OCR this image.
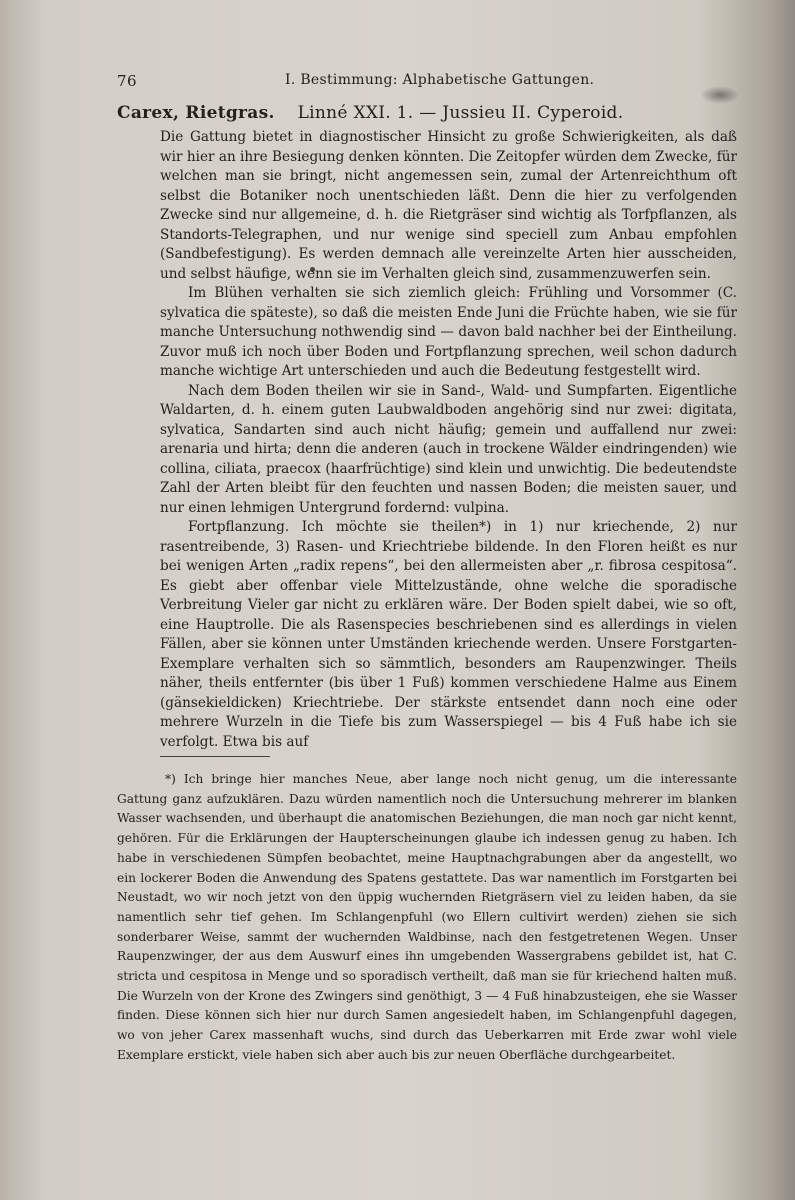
76	I. Bestimmung: Alphabetische Gattungen.
Carex, Rietgras. Linné XXI. 1. — Jussieu II. Cyperoid.

Die Gattung bietet in diagnostischer Hinsicht zu große Schwierigkeiten, als daß wir hier an ihre Besiegung denken könnten. Die Zeitopfer würden dem Zwecke, für welchen man sie bringt, nicht angemessen sein, zumal der Artenreichthum oft selbst die Botaniker noch unentschieden läßt. Denn die hier zu verfolgenden Zwecke sind nur allgemeine, d. h. die Rietgräser sind wichtig als Torfpflanzen, als Standorts-Telegraphen, und nur wenige sind speciell zum Anbau empfohlen (Sandbefestigung). Es werden demnach alle vereinzelte Arten hier ausscheiden, und selbst häufige, wenn sie im Verhalten gleich sind, zusammenzuwerfen sein.

Im Blühen verhalten sie sich ziemlich gleich: Frühling und Vorsommer (C. sylvatica die späteste), so daß die meisten Ende Juni die Früchte haben, wie sie für manche Untersuchung nothwendig sind — davon bald nachher bei der Eintheilung. Zuvor muß ich noch über Boden und Fortpflanzung sprechen, weil schon dadurch manche wichtige Art unterschieden und auch die Bedeutung festgestellt wird.

Nach dem Boden theilen wir sie in Sand-, Wald- und Sumpfarten. Eigentliche Waldarten, d. h. einem guten Laubwaldboden angehörig sind nur zwei: digitata, sylvatica, Sandarten sind auch nicht häufig; gemein und auffallend nur zwei: arenaria und hirta; denn die anderen (auch in trockene Wälder eindringenden) wie collina, ciliata, praecox (haarfrüchtige) sind klein und unwichtig. Die bedeutendste Zahl der Arten bleibt für den feuchten und nassen Boden; die meisten sauer, und nur einen lehmigen Untergrund fordernd: vulpina.

Fortpflanzung. Ich möchte sie theilen*) in 1) nur kriechende, 2) nur rasentreibende, 3) Rasen- und Kriechtriebe bildende. In den Floren heißt es nur bei wenigen Arten „radix repens“, bei den allermeisten aber „r. fibrosa cespitosa“. Es giebt aber offenbar viele Mittelzustände, ohne welche die sporadische Verbreitung Vieler gar nicht zu erklären wäre. Der Boden spielt dabei, wie so oft, eine Hauptrolle. Die als Rasenspecies beschriebenen sind es allerdings in vielen Fällen, aber sie können unter Umständen kriechende werden. Unsere Forstgarten-Exemplare verhalten sich so sämmtlich, besonders am Raupenzwinger. Theils näher, theils entfernter (bis über 1 Fuß) kommen verschiedene Halme aus Einem (gänsekieldicken) Kriechtriebe. Der stärkste entsendet dann noch eine oder mehrere Wurzeln in die Tiefe bis zum Wasserspiegel — bis 4 Fuß habe ich sie verfolgt. Etwa bis auf

*) Ich bringe hier manches Neue, aber lange noch nicht genug, um die interessante Gattung ganz aufzuklären. Dazu würden namentlich noch die Untersuchung mehrerer im blanken Wasser wachsenden, und überhaupt die anatomischen Beziehungen, die man noch gar nicht kennt, gehören. Für die Erklärungen der Haupterscheinungen glaube ich indessen genug zu haben. Ich habe in verschiedenen Sümpfen beobachtet, meine Hauptnachgrabungen aber da angestellt, wo ein lockerer Boden die Anwendung des Spatens gestattete. Das war namentlich im Forstgarten bei Neustadt, wo wir noch jetzt von den üppig wuchernden Rietgräsern viel zu leiden haben, da sie namentlich sehr tief gehen. Im Schlangenpfuhl (wo Ellern cultivirt werden) ziehen sie sich sonderbarer Weise, sammt der wuchernden Waldbinse, nach den festgetretenen Wegen. Unser Raupenzwinger, der aus dem Auswurf eines ihn umgebenden Wassergrabens gebildet ist, hat C. stricta und cespitosa in Menge und so sporadisch vertheilt, daß man sie für kriechend halten muß. Die Wurzeln von der Krone des Zwingers sind genöthigt, 3 — 4 Fuß hinabzusteigen, ehe sie Wasser finden. Diese können sich hier nur durch Samen angesiedelt haben, im Schlangenpfuhl dagegen, wo von jeher Carex massenhaft wuchs, sind durch das Ueberkarren mit Erde zwar wohl viele Exemplare erstickt, viele haben sich aber auch bis zur neuen Oberfläche durchgearbeitet.
